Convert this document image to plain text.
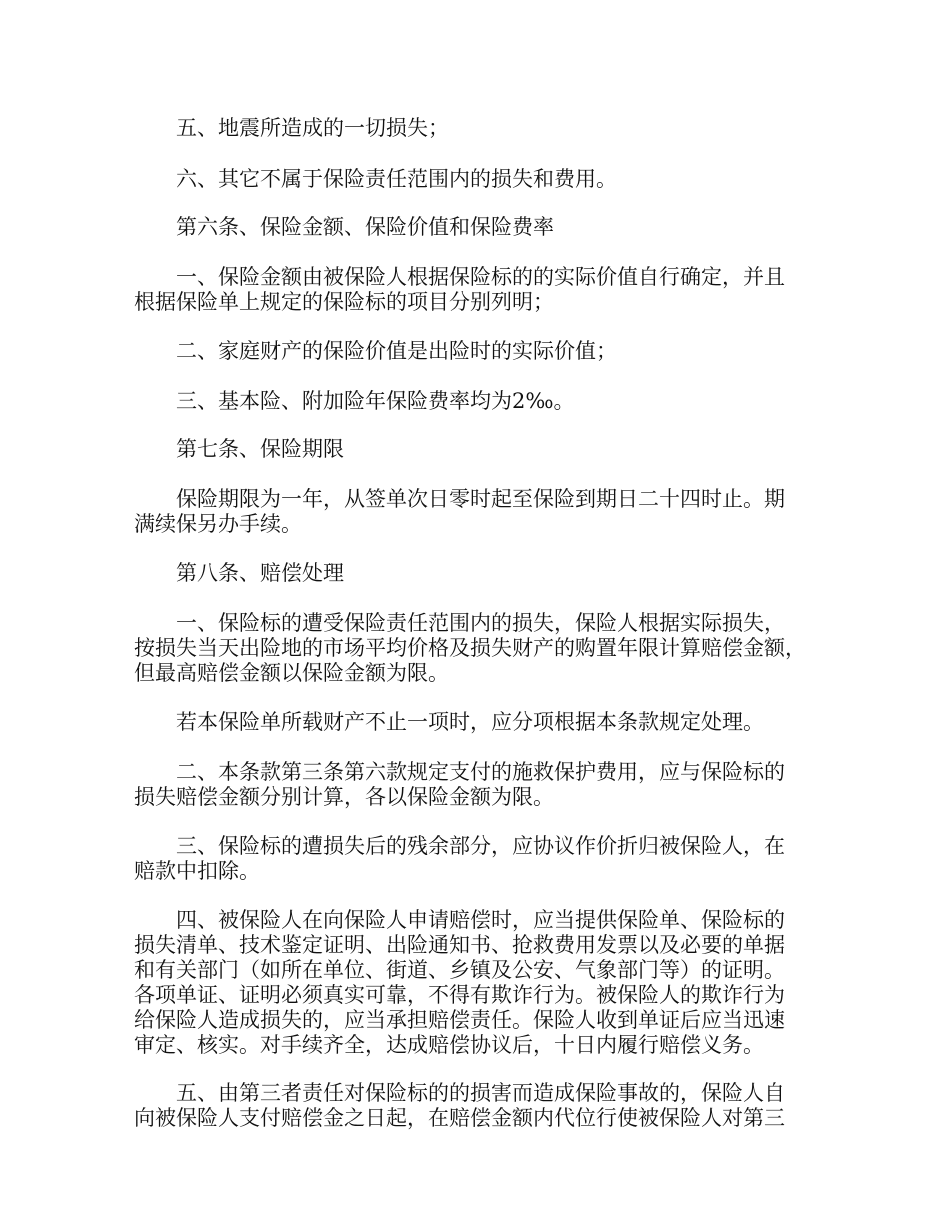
五、地震所造成的一切损失；
六、其它不属于保险责任范围内的损失和费用。
第六条、保险金额、保险价值和保险费率
一、保险金额由被保险人根据保险标的的实际价值自行确定，并且
根据保险单上规定的保险标的项目分别列明；
二、家庭财产的保险价值是出险时的实际价值；
三、基本险、附加险年保险费率均为2‰。
第七条、保险期限
保险期限为一年，从签单次日零时起至保险到期日二十四时止。期
满续保另办手续。
第八条、赔偿处理
一、保险标的遭受保险责任范围内的损失，保险人根据实际损失，
按损失当天出险地的市场平均价格及损失财产的购置年限计算赔偿金额，
但最高赔偿金额以保险金额为限。
若本保险单所载财产不止一项时，应分项根据本条款规定处理。
二、本条款第三条第六款规定支付的施救保护费用，应与保险标的
损失赔偿金额分别计算，各以保险金额为限。
三、保险标的遭损失后的残余部分，应协议作价折归被保险人，在
赔款中扣除。
四、被保险人在向保险人申请赔偿时，应当提供保险单、保险标的
损失清单、技术鉴定证明、出险通知书、抢救费用发票以及必要的单据
和有关部门（如所在单位、街道、乡镇及公安、气象部门等）的证明。
各项单证、证明必须真实可靠，不得有欺诈行为。被保险人的欺诈行为
给保险人造成损失的，应当承担赔偿责任。保险人收到单证后应当迅速
审定、核实。对手续齐全，达成赔偿协议后，十日内履行赔偿义务。
五、由第三者责任对保险标的的损害而造成保险事故的，保险人自
向被保险人支付赔偿金之日起，在赔偿金额内代位行使被保险人对第三
